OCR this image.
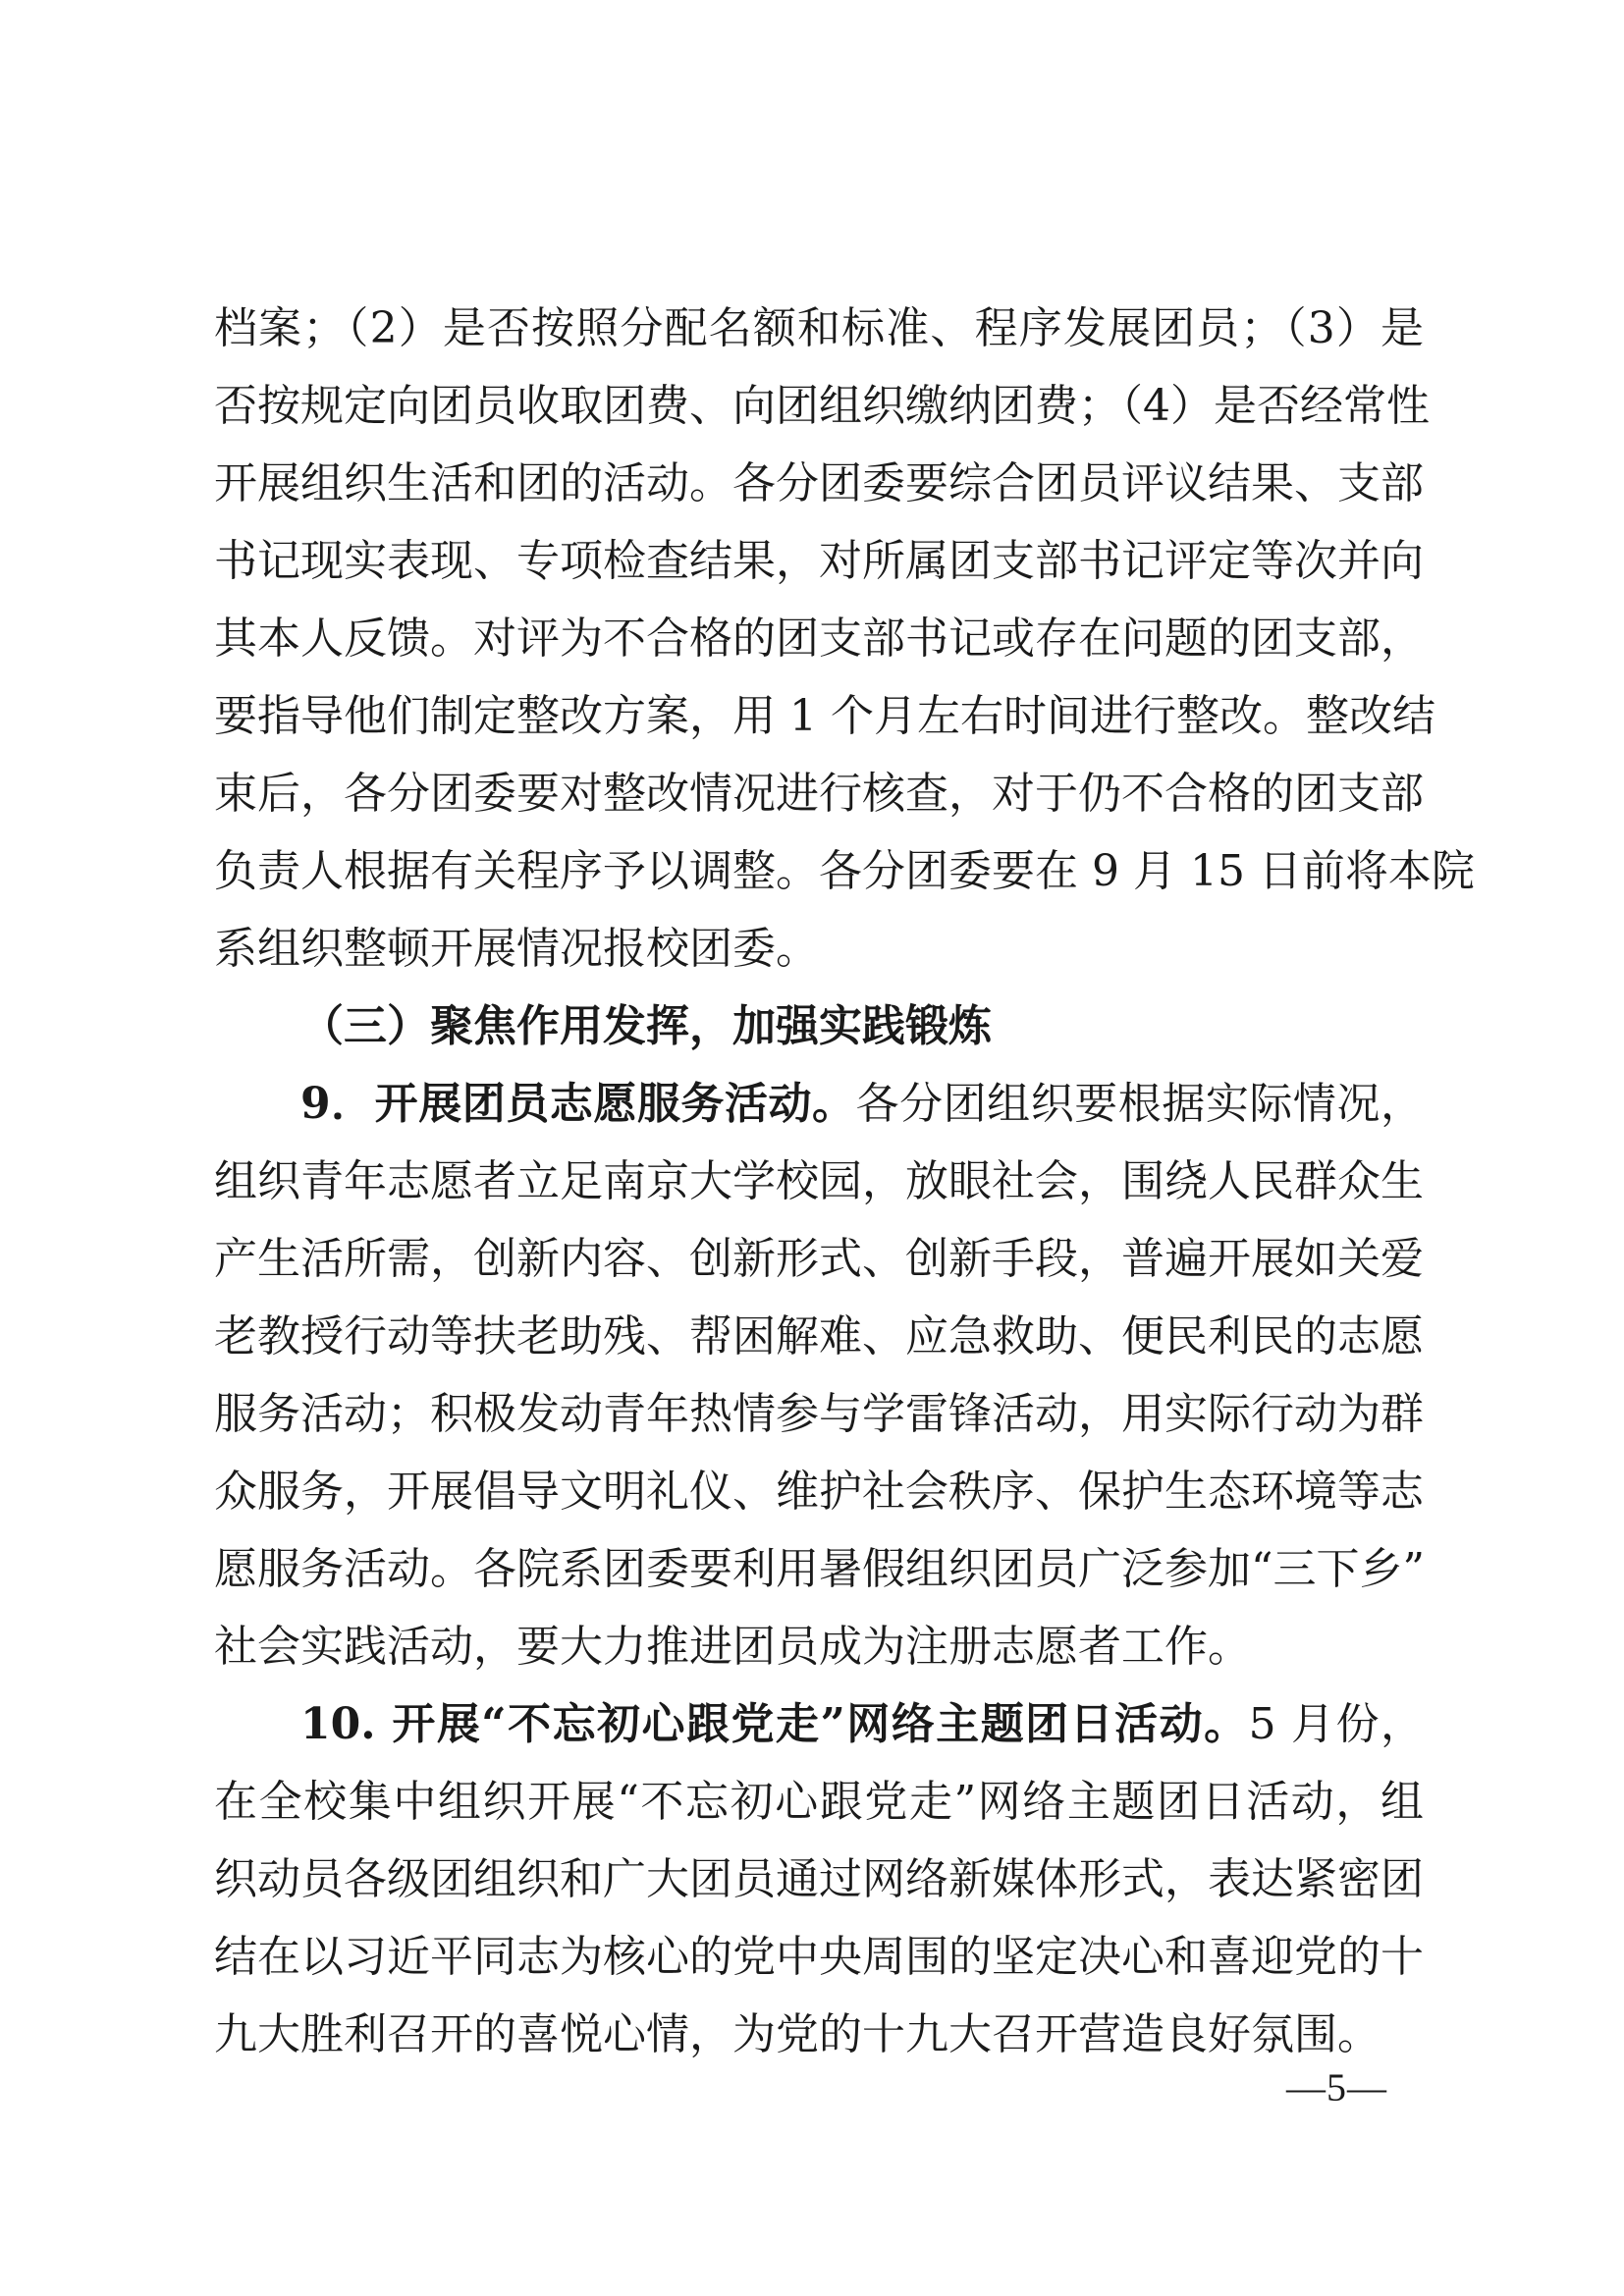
档案；（2）是否按照分配名额和标准、程序发展团员；（3）是
否按规定向团员收取团费、向团组织缴纳团费；（4）是否经常性
开展组织生活和团的活动。各分团委要综合团员评议结果、支部
书记现实表现、专项检查结果，对所属团支部书记评定等次并向
其本人反馈。对评为不合格的团支部书记或存在问题的团支部，
要指导他们制定整改方案，用 1 个月左右时间进行整改。整改结
束后，各分团委要对整改情况进行核查，对于仍不合格的团支部
负责人根据有关程序予以调整。各分团委要在 9 月 15 日前将本院
系组织整顿开展情况报校团委。
（三）聚焦作用发挥，加强实践锻炼
9．开展团员志愿服务活动。各分团组织要根据实际情况，
组织青年志愿者立足南京大学校园，放眼社会，围绕人民群众生
产生活所需，创新内容、创新形式、创新手段，普遍开展如关爱
老教授行动等扶老助残、帮困解难、应急救助、便民利民的志愿
服务活动；积极发动青年热情参与学雷锋活动，用实际行动为群
众服务，开展倡导文明礼仪、维护社会秩序、保护生态环境等志
愿服务活动。各院系团委要利用暑假组织团员广泛参加“三下乡”
社会实践活动，要大力推进团员成为注册志愿者工作。
10. 开展“不忘初心跟党走”网络主题团日活动。5 月份，
在全校集中组织开展“不忘初心跟党走”网络主题团日活动，组
织动员各级团组织和广大团员通过网络新媒体形式，表达紧密团
结在以习近平同志为核心的党中央周围的坚定决心和喜迎党的十
九大胜利召开的喜悦心情，为党的十九大召开营造良好氛围。
—5—
